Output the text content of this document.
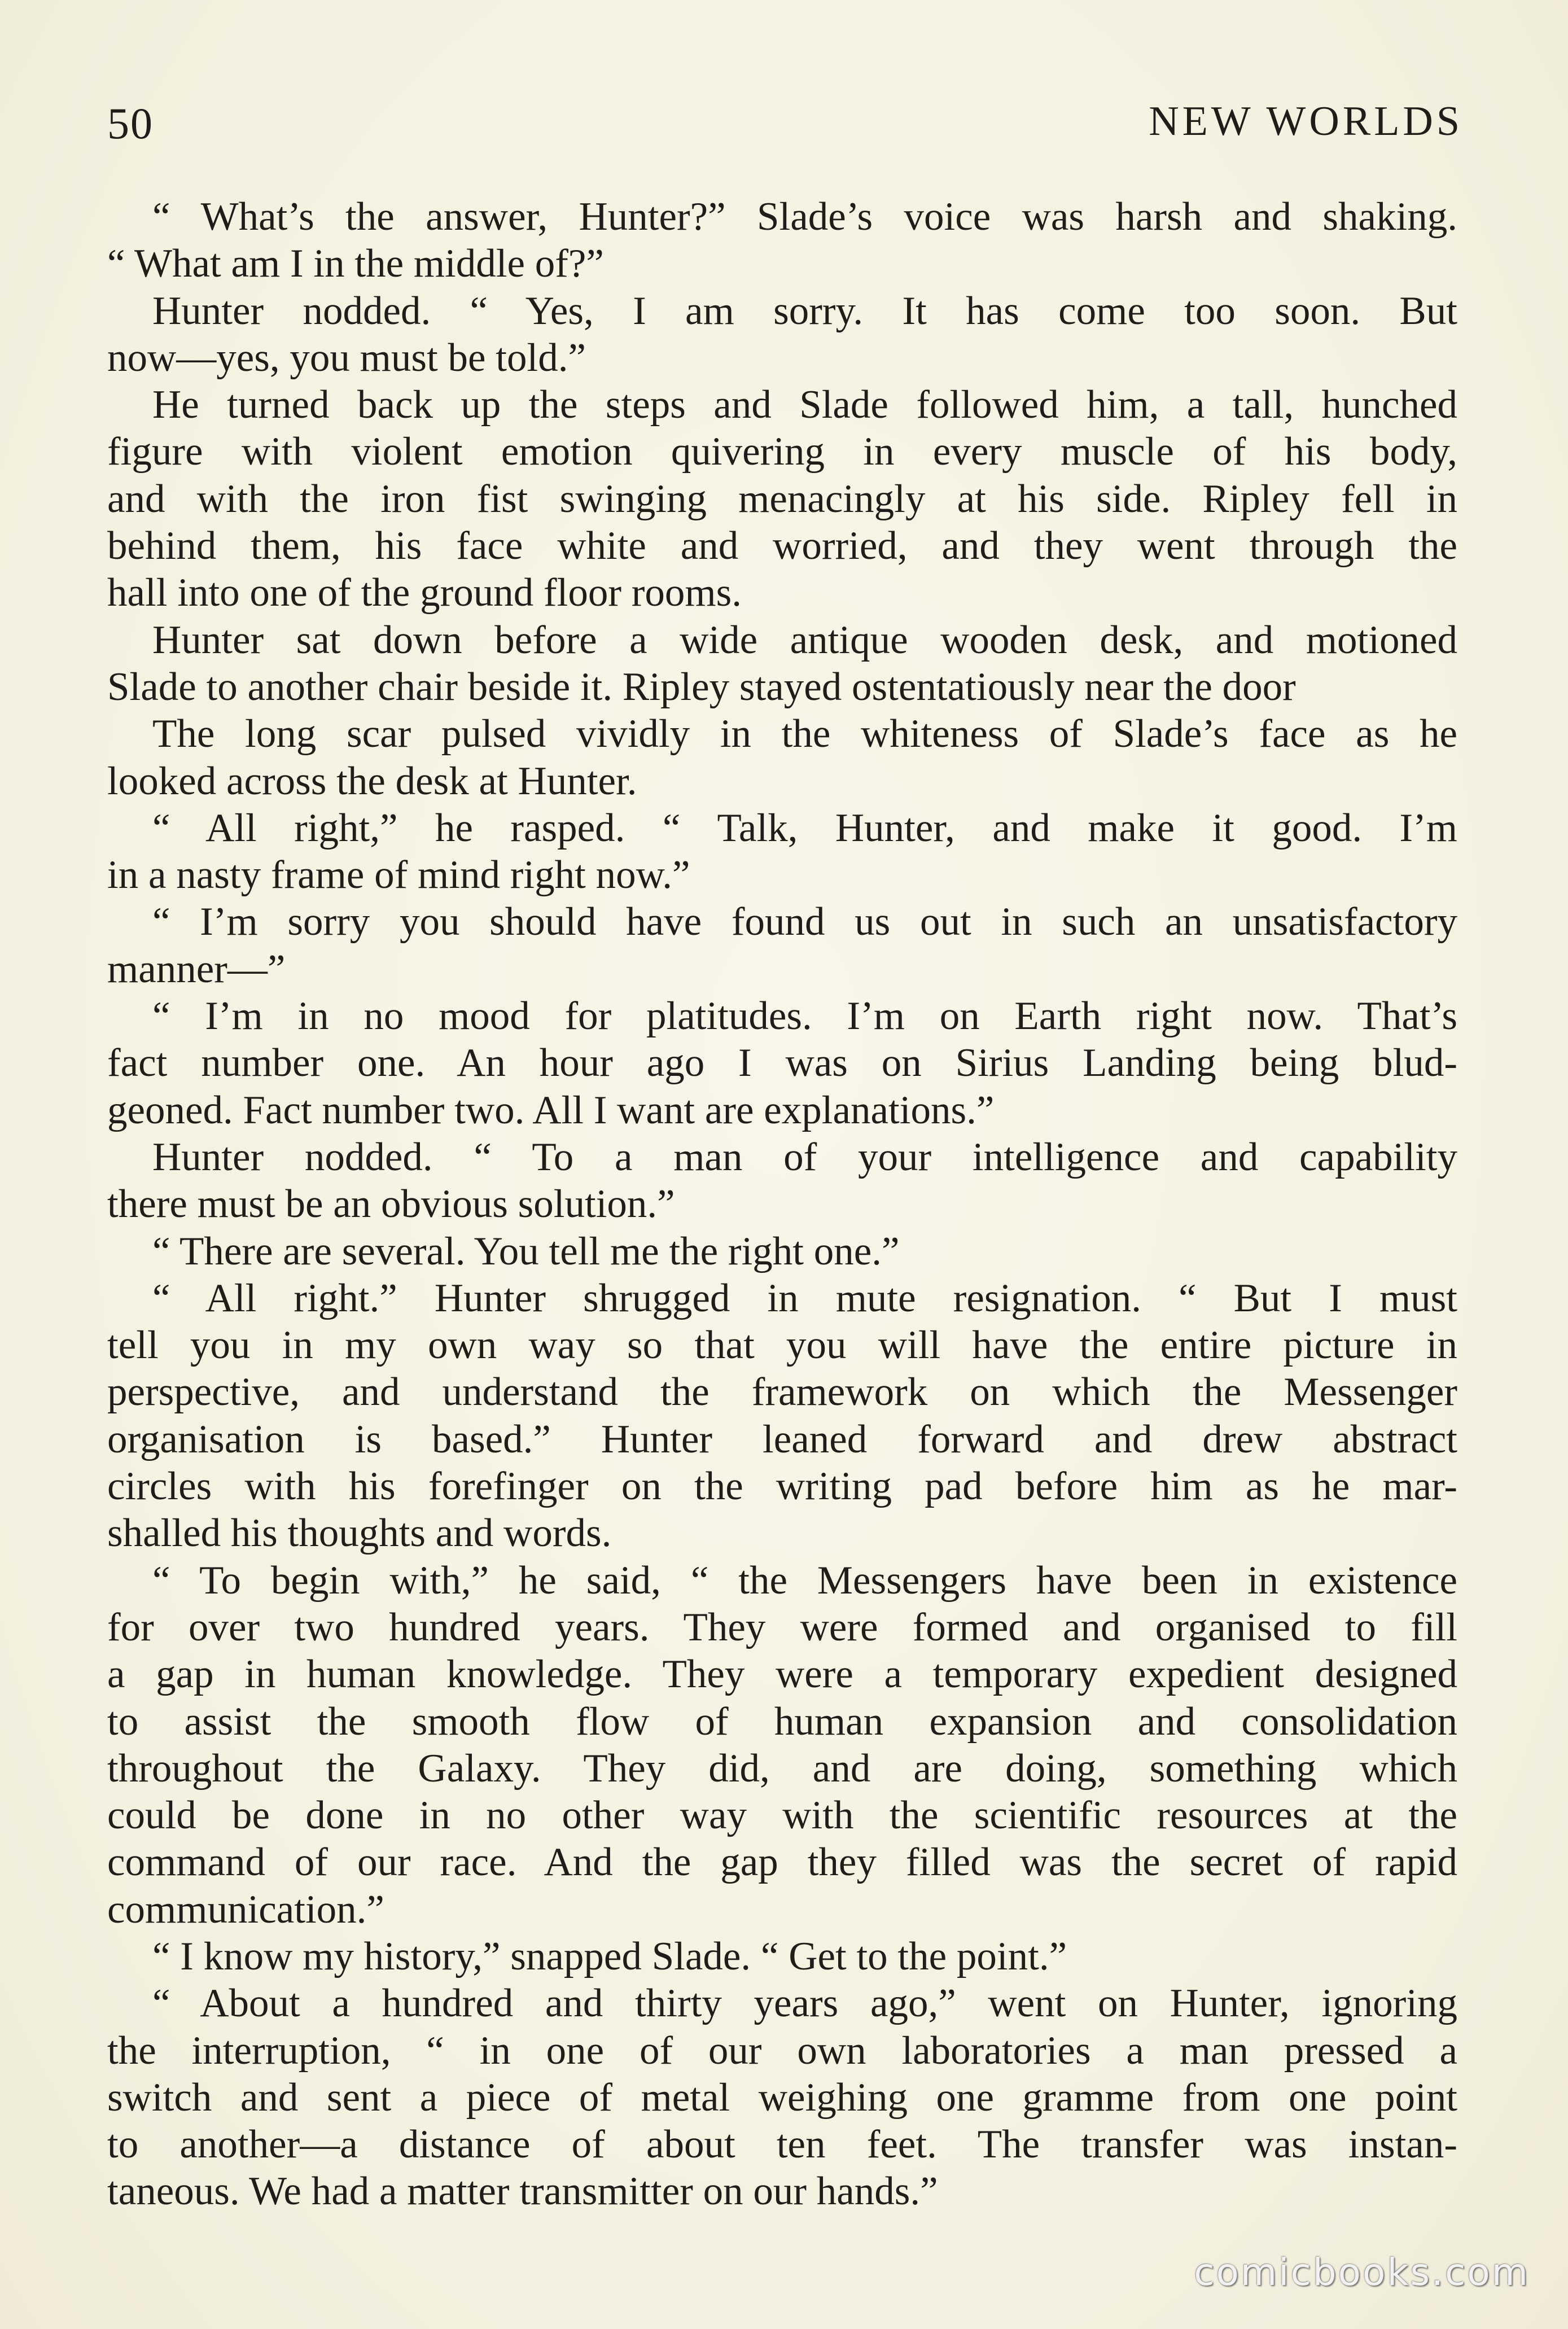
50	NEW WORLDS
“ What’s the answer, Hunter?” Slade’s voice was harsh and shaking.
“ What am I in the middle of?”
Hunter nodded. “ Yes, I am sorry. It has come too soon. But
now—yes, you must be told.”
He turned back up the steps and Slade followed him, a tall, hunched
figure with violent emotion quivering in every muscle of his body,
and with the iron fist swinging menacingly at his side. Ripley fell in
behind them, his face white and worried, and they went through the
hall into one of the ground floor rooms.
Hunter sat down before a wide antique wooden desk, and motioned
Slade to another chair beside it. Ripley stayed ostentatiously near the door
The long scar pulsed vividly in the whiteness of Slade’s face as he
looked across the desk at Hunter.
“ All right,” he rasped. “ Talk, Hunter, and make it good. I’m
in a nasty frame of mind right now.”
“ I’m sorry you should have found us out in such an unsatisfactory
manner—”
“ I’m in no mood for platitudes. I’m on Earth right now. That’s
fact number one. An hour ago I was on Sirius Landing being blud-
geoned. Fact number two. All I want are explanations.”
Hunter nodded. “ To a man of your intelligence and capability
there must be an obvious solution.”
“ There are several. You tell me the right one.”
“ All right.” Hunter shrugged in mute resignation. “ But I must
tell you in my own way so that you will have the entire picture in
perspective, and understand the framework on which the Messenger
organisation is based.” Hunter leaned forward and drew abstract
circles with his forefinger on the writing pad before him as he mar-
shalled his thoughts and words.
“ To begin with,” he said, “ the Messengers have been in existence
for over two hundred years. They were formed and organised to fill
a gap in human knowledge. They were a temporary expedient designed
to assist the smooth flow of human expansion and consolidation
throughout the Galaxy. They did, and are doing, something which
could be done in no other way with the scientific resources at the
command of our race. And the gap they filled was the secret of rapid
communication.”
“ I know my history,” snapped Slade. “ Get to the point.”
“ About a hundred and thirty years ago,” went on Hunter, ignoring
the interruption, “ in one of our own laboratories a man pressed a
switch and sent a piece of metal weighing one gramme from one point
to another—a distance of about ten feet. The transfer was instan-
taneous. We had a matter transmitter on our hands.”
comicbooks.com
